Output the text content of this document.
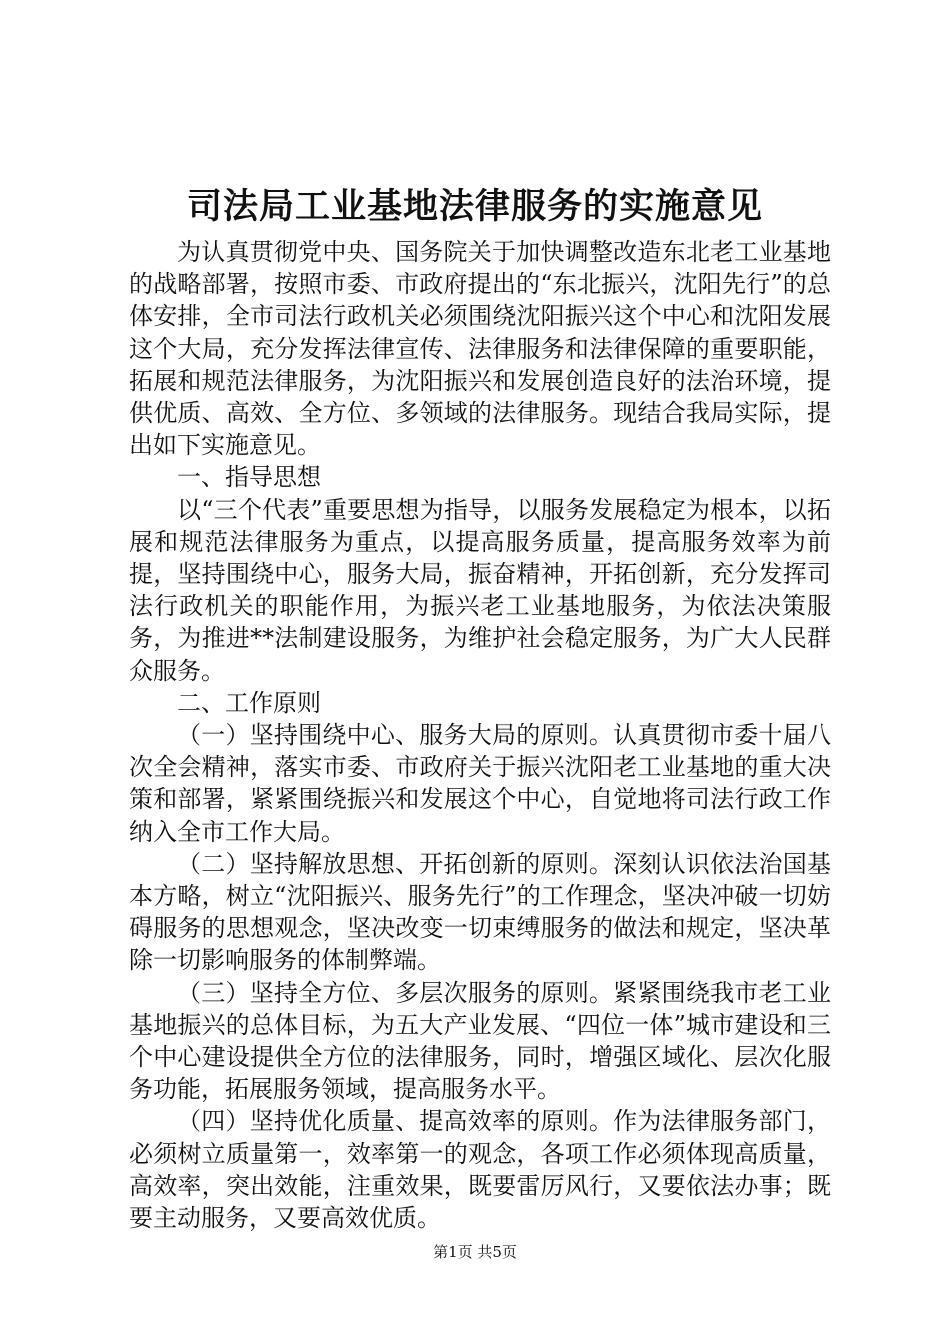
司法局工业基地法律服务的实施意见

为认真贯彻党中央、国务院关于加快调整改造东北老工业基地的战略部署，按照市委、市政府提出的“东北振兴，沈阳先行”的总体安排，全市司法行政机关必须围绕沈阳振兴这个中心和沈阳发展这个大局，充分发挥法律宣传、法律服务和法律保障的重要职能，拓展和规范法律服务，为沈阳振兴和发展创造良好的法治环境，提供优质、高效、全方位、多领域的法律服务。现结合我局实际，提出如下实施意见。

一、指导思想

以“三个代表”重要思想为指导，以服务发展稳定为根本，以拓展和规范法律服务为重点，以提高服务质量，提高服务效率为前提，坚持围绕中心，服务大局，振奋精神，开拓创新，充分发挥司法行政机关的职能作用，为振兴老工业基地服务，为依法决策服务，为推进**法制建设服务，为维护社会稳定服务，为广大人民群众服务。

二、工作原则

（一）坚持围绕中心、服务大局的原则。认真贯彻市委十届八次全会精神，落实市委、市政府关于振兴沈阳老工业基地的重大决策和部署，紧紧围绕振兴和发展这个中心，自觉地将司法行政工作纳入全市工作大局。

（二）坚持解放思想、开拓创新的原则。深刻认识依法治国基本方略，树立“沈阳振兴、服务先行”的工作理念，坚决冲破一切妨碍服务的思想观念，坚决改变一切束缚服务的做法和规定，坚决革除一切影响服务的体制弊端。

（三）坚持全方位、多层次服务的原则。紧紧围绕我市老工业基地振兴的总体目标，为五大产业发展、“四位一体”城市建设和三个中心建设提供全方位的法律服务，同时，增强区域化、层次化服务功能，拓展服务领域，提高服务水平。

（四）坚持优化质量、提高效率的原则。作为法律服务部门，必须树立质量第一，效率第一的观念，各项工作必须体现高质量，高效率，突出效能，注重效果，既要雷厉风行，又要依法办事；既要主动服务，又要高效优质。

第1页 共5页
